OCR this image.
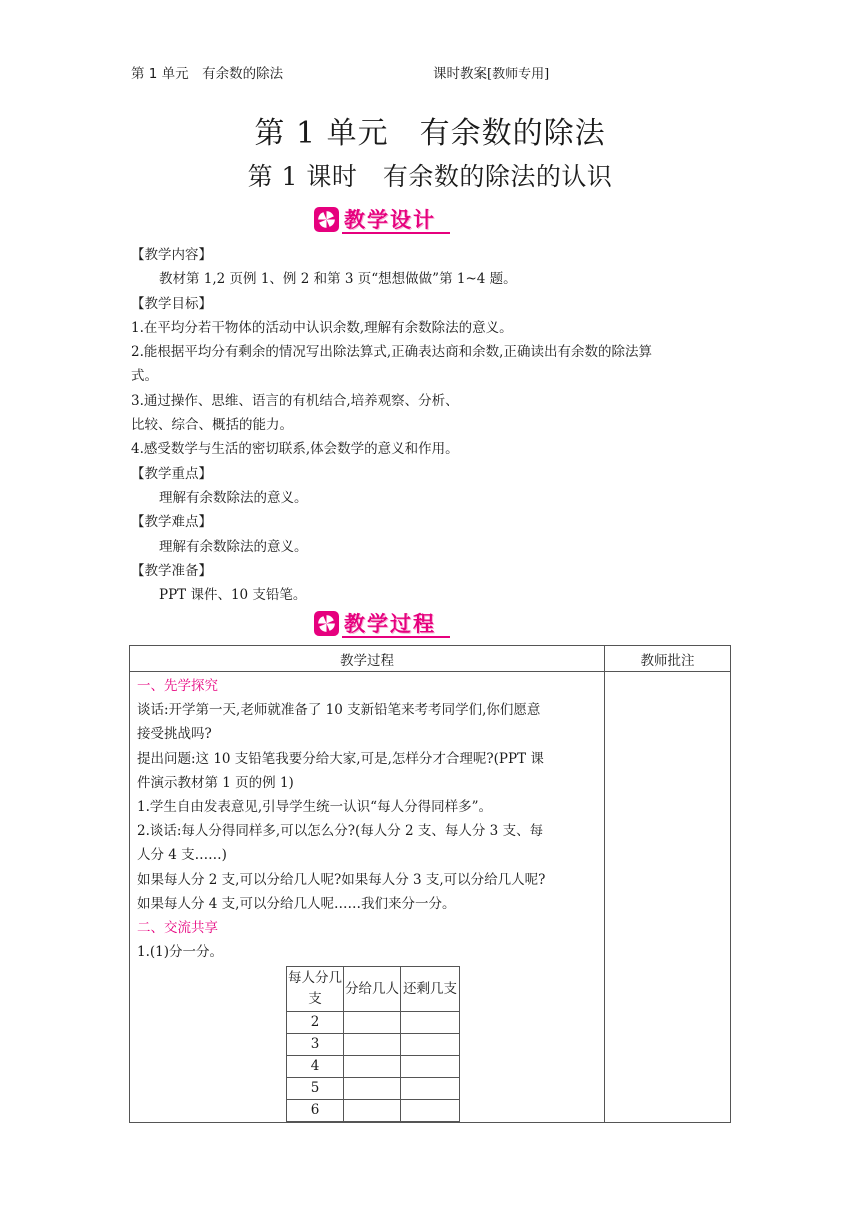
第 1 单元　有余数的除法	课时教案[教师专用]
第 1 单元　有余数的除法
第 1 课时　有余数的除法的认识
教学设计

【教学内容】

教材第 1,2 页例 1、例 2 和第 3 页“想想做做”第 1~4 题。

【教学目标】

1.在平均分若干物体的活动中认识余数,理解有余数除法的意义。

2.能根据平均分有剩余的情况写出除法算式,正确表达商和余数,正确读出有余数的除法算

式。

3.通过操作、思维、语言的有机结合,培养观察、分析、

比较、综合、概括的能力。

4.感受数学与生活的密切联系,体会数学的意义和作用。

【教学重点】

理解有余数除法的意义。

【教学难点】

理解有余数除法的意义。

【教学准备】

PPT 课件、10 支铅笔。

教学过程
教学过程	教师批注

一、先学探究

谈话:开学第一天,老师就准备了 10 支新铅笔来考考同学们,你们愿意

接受挑战吗?

提出问题:这 10 支铅笔我要分给大家,可是,怎样分才合理呢?(PPT 课

件演示教材第 1 页的例 1)

1.学生自由发表意见,引导学生统一认识“每人分得同样多”。

2.谈话:每人分得同样多,可以怎么分?(每人分 2 支、每人分 3 支、每

人分 4 支……)

如果每人分 2 支,可以分给几人呢?如果每人分 3 支,可以分给几人呢?

如果每人分 4 支,可以分给几人呢……我们来分一分。

二、交流共享

1.(1)分一分。

每人分几支	分给几人	还剩几支
2		
3		
4		
5		
6		
